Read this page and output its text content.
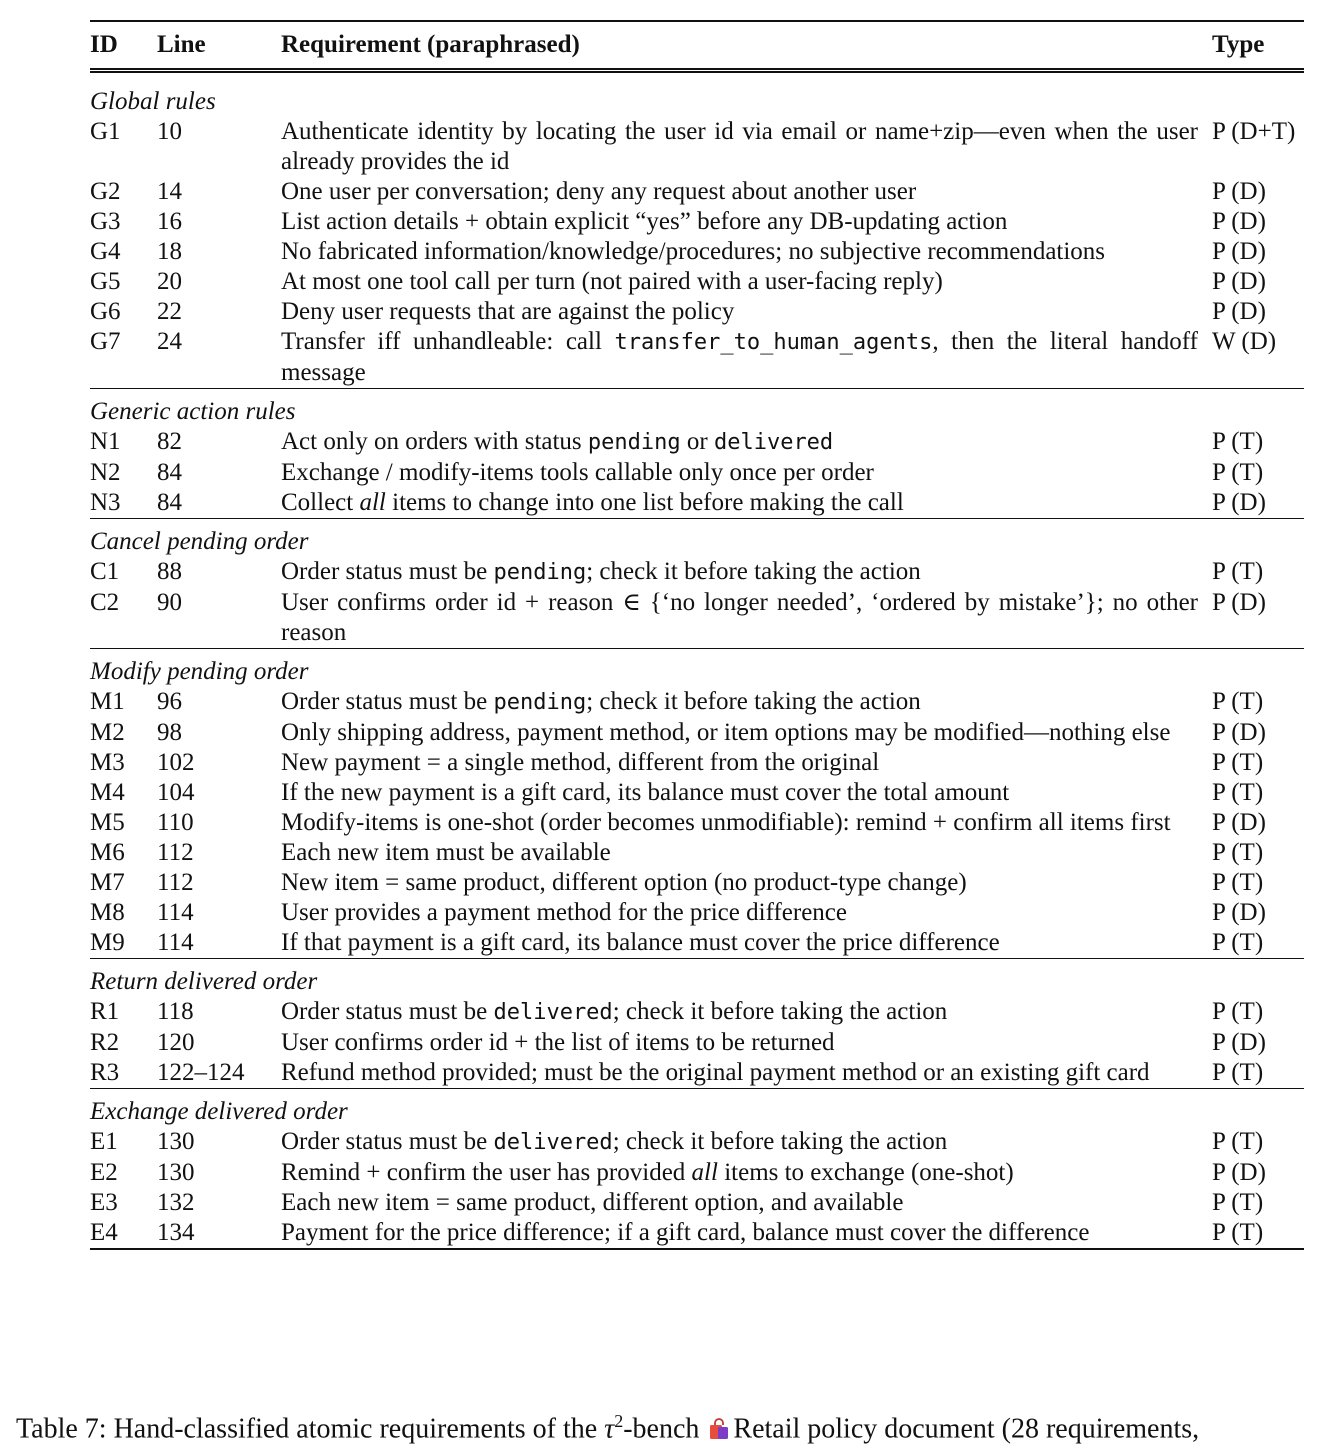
ID	Line	Requirement (paraphrased)	Type
Global rules			
G1	10	Authenticate identity by locating the user id via email or name+zip—even when the user already provides the id	P (D+T)
G2	14	One user per conversation; deny any request about another user	P (D)
G3	16	List action details + obtain explicit “yes” before any DB-updating action	P (D)
G4	18	No fabricated information/knowledge/procedures; no subjective recommendations	P (D)
G5	20	At most one tool call per turn (not paired with a user-facing reply)	P (D)
G6	22	Deny user requests that are against the policy	P (D)
G7	24	Transfer iff unhandleable: call transfer_to_human_agents, then the literal handoff message	W (D)
Generic action rules			
N1	82	Act only on orders with status pending or delivered	P (T)
N2	84	Exchange / modify-items tools callable only once per order	P (T)
N3	84	Collect all items to change into one list before making the call	P (D)
Cancel pending order			
C1	88	Order status must be pending; check it before taking the action	P (T)
C2	90	User confirms order id + reason ∈ {‘no longer needed’, ‘ordered by mistake’}; no other reason	P (D)
Modify pending order			
M1	96	Order status must be pending; check it before taking the action	P (T)
M2	98	Only shipping address, payment method, or item options may be modified—nothing else	P (D)
M3	102	New payment = a single method, different from the original	P (T)
M4	104	If the new payment is a gift card, its balance must cover the total amount	P (T)
M5	110	Modify-items is one-shot (order becomes unmodifiable): remind + confirm all items first	P (D)
M6	112	Each new item must be available	P (T)
M7	112	New item = same product, different option (no product-type change)	P (T)
M8	114	User provides a payment method for the price difference	P (D)
M9	114	If that payment is a gift card, its balance must cover the price difference	P (T)
Return delivered order			
R1	118	Order status must be delivered; check it before taking the action	P (T)
R2	120	User confirms order id + the list of items to be returned	P (D)
R3	122–124	Refund method provided; must be the original payment method or an existing gift card	P (T)
Exchange delivered order			
E1	130	Order status must be delivered; check it before taking the action	P (T)
E2	130	Remind + confirm the user has provided all items to exchange (one-shot)	P (D)
E3	132	Each new item = same product, different option, and available	P (T)
E4	134	Payment for the price difference; if a gift card, balance must cover the difference	P (T)
Table 7: Hand-classified atomic requirements of the $\tau^2$-bench Retail policy document (28 requirements,
